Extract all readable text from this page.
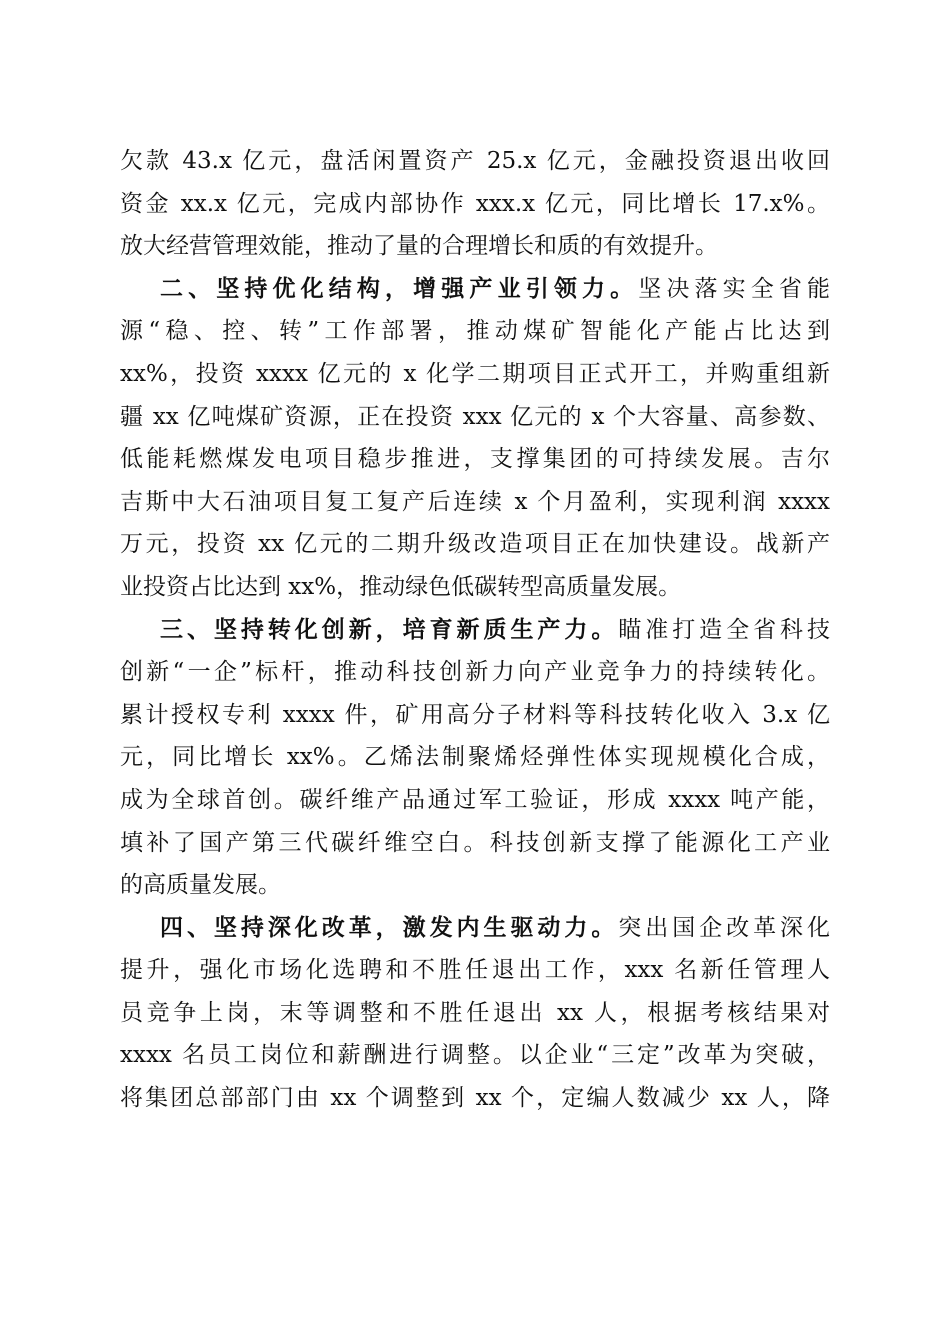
欠款 43.x 亿元，盘活闲置资产 25.x 亿元，金融投资退出收回
资金 xx.x 亿元，完成内部协作 xxx.x 亿元，同比增长 17.x%。
放大经营管理效能，推动了量的合理增长和质的有效提升。
二、坚持优化结构，增强产业引领力。坚决落实全省能
源“稳、控、转”工作部署，推动煤矿智能化产能占比达到
xx%，投资 xxxx 亿元的 x 化学二期项目正式开工，并购重组新
疆 xx 亿吨煤矿资源，正在投资 xxx 亿元的 x 个大容量、高参数、
低能耗燃煤发电项目稳步推进，支撑集团的可持续发展。吉尔
吉斯中大石油项目复工复产后连续 x 个月盈利，实现利润 xxxx
万元，投资 xx 亿元的二期升级改造项目正在加快建设。战新产
业投资占比达到 xx%，推动绿色低碳转型高质量发展。
三、坚持转化创新，培育新质生产力。瞄准打造全省科技
创新“一企”标杆，推动科技创新力向产业竞争力的持续转化。
累计授权专利 xxxx 件，矿用高分子材料等科技转化收入 3.x 亿
元，同比增长 xx%。乙烯法制聚烯烃弹性体实现规模化合成，
成为全球首创。碳纤维产品通过军工验证，形成 xxxx 吨产能，
填补了国产第三代碳纤维空白。科技创新支撑了能源化工产业
的高质量发展。
四、坚持深化改革，激发内生驱动力。突出国企改革深化
提升，强化市场化选聘和不胜任退出工作，xxx 名新任管理人
员竞争上岗，末等调整和不胜任退出 xx 人，根据考核结果对
xxxx 名员工岗位和薪酬进行调整。以企业“三定”改革为突破，
将集团总部部门由 xx 个调整到 xx 个，定编人数减少 xx 人，降
